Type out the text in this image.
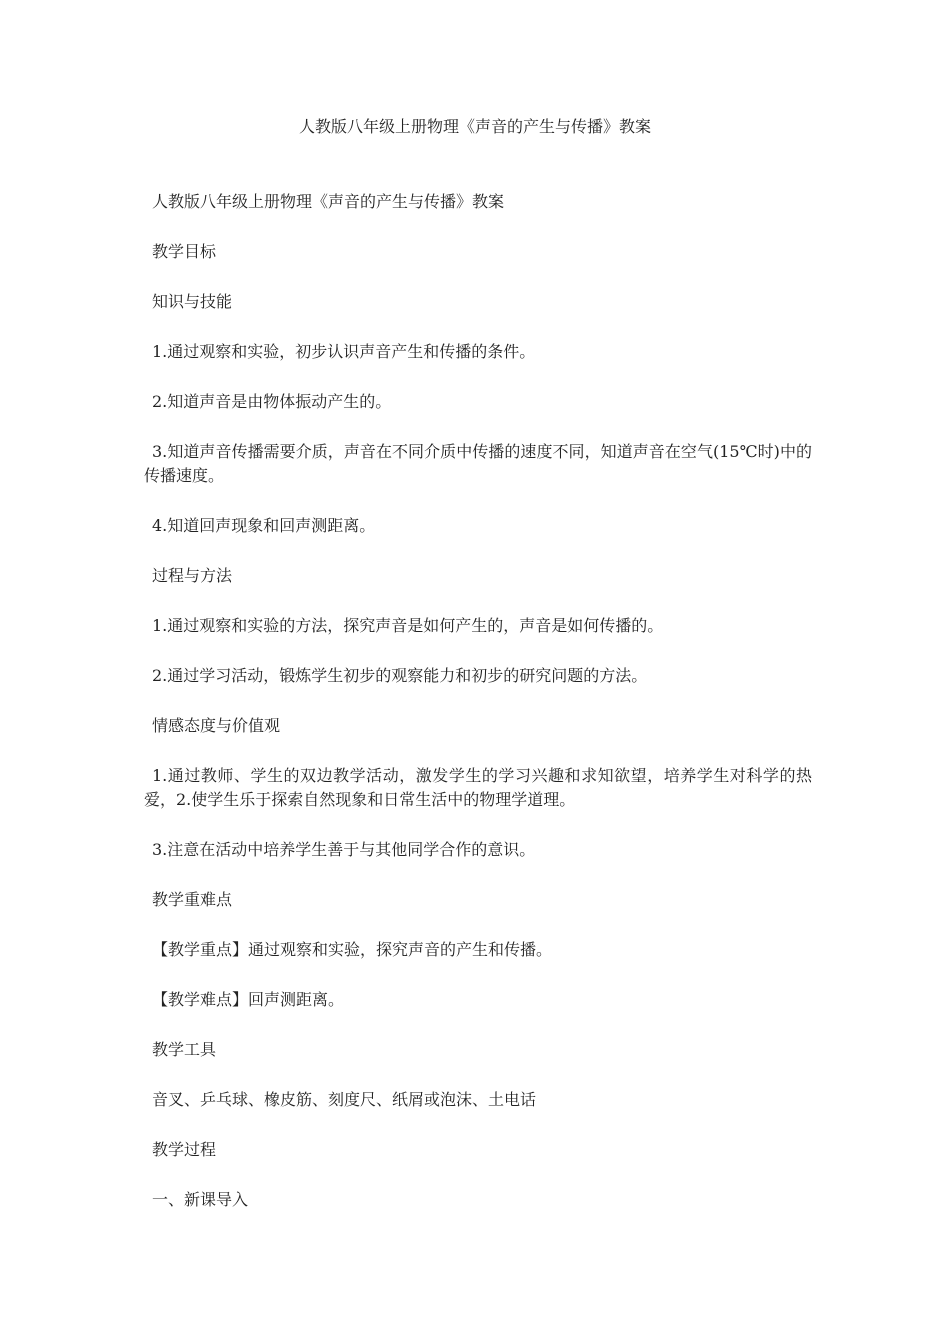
人教版八年级上册物理《声音的产生与传播》教案

人教版八年级上册物理《声音的产生与传播》教案

教学目标

知识与技能

1.通过观察和实验，初步认识声音产生和传播的条件。

2.知道声音是由物体振动产生的。

3.知道声音传播需要介质，声音在不同介质中传播的速度不同，知道声音在空气(15℃时)中的传播速度。

4.知道回声现象和回声测距离。

过程与方法

1.通过观察和实验的方法，探究声音是如何产生的，声音是如何传播的。

2.通过学习活动，锻炼学生初步的观察能力和初步的研究问题的方法。

情感态度与价值观

1.通过教师、学生的双边教学活动，激发学生的学习兴趣和求知欲望，培养学生对科学的热爱，2.使学生乐于探索自然现象和日常生活中的物理学道理。

3.注意在活动中培养学生善于与其他同学合作的意识。

教学重难点

【教学重点】通过观察和实验，探究声音的产生和传播。

【教学难点】回声测距离。

教学工具

音叉、乒乓球、橡皮筋、刻度尺、纸屑或泡沫、土电话

教学过程

一、新课导入
